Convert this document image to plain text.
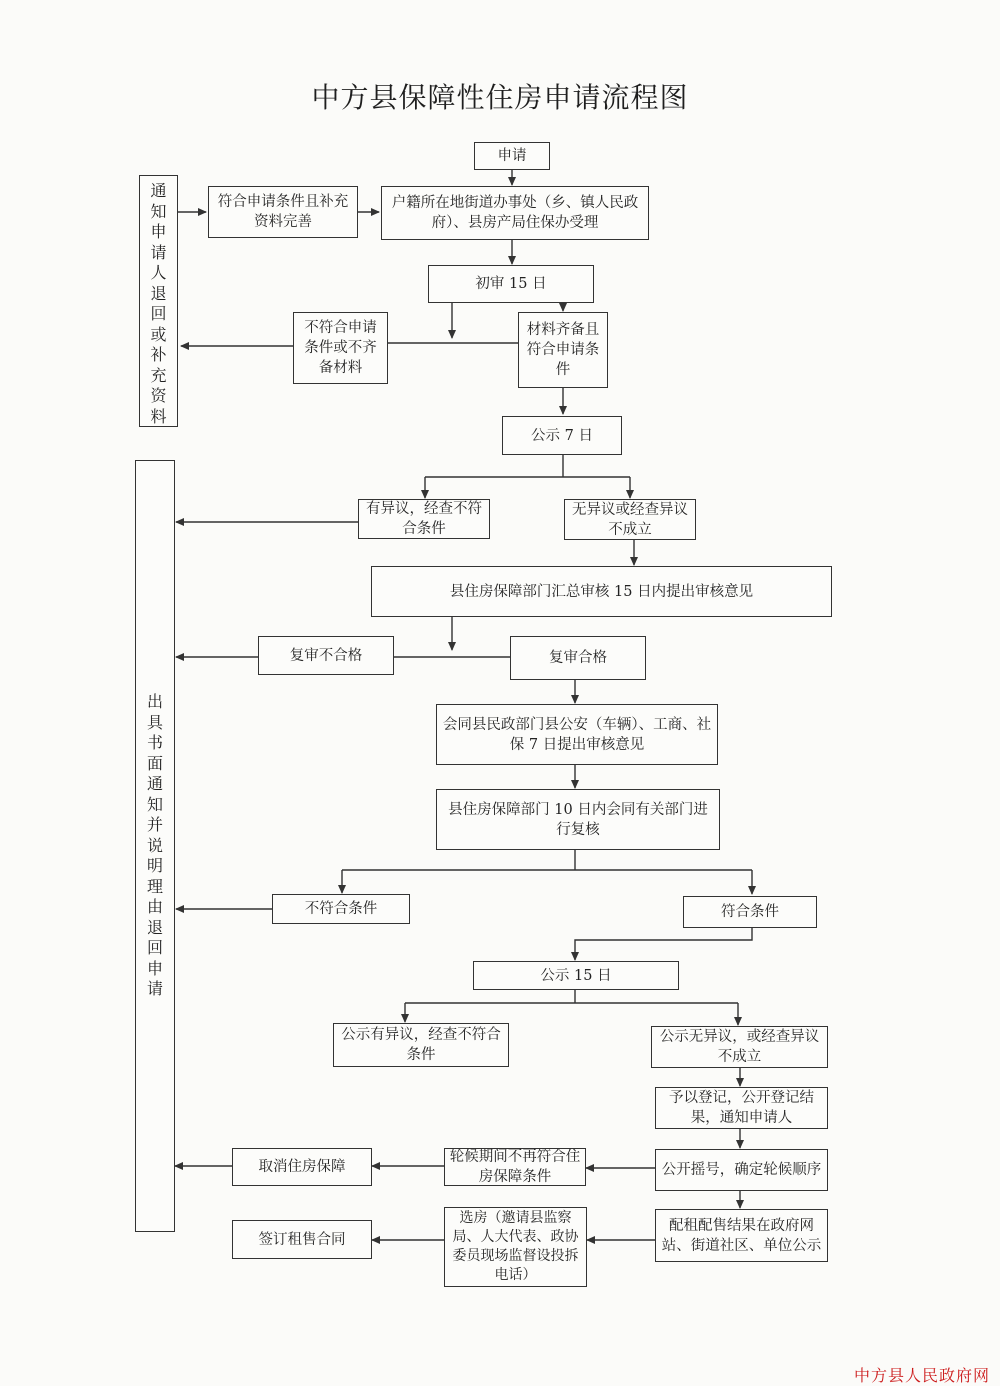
中方县保障性住房申请流程图
通知申请人退回或补充资料
出具书面通知并说明理由退回申请
申请
户籍所在地街道办事处（乡、镇人民政府）、县房产局住保办受理
符合申请条件且补充资料完善
初审 15 日
不符合申请条件或不齐备材料
材料齐备且符合申请条件
公示 7 日
有异议，经查不符合条件
无异议或经查异议不成立
县住房保障部门汇总审核 15 日内提出审核意见
复审不合格	复审合格
会同县民政部门县公安（车辆）、工商、社保 7 日提出审核意见
县住房保障部门 10 日内会同有关部门进行复核
不符合条件	符合条件
公示 15 日
公示有异议，经查不符合条件
公示无异议，或经查异议不成立
予以登记，公开登记结果，通知申请人
公开摇号，确定轮候顺序
轮候期间不再符合住房保障条件
取消住房保障
配租配售结果在政府网站、街道社区、单位公示
选房（邀请县监察局、人大代表、政协委员现场监督设投拆电话）
签订租售合同
中方县人民政府网
